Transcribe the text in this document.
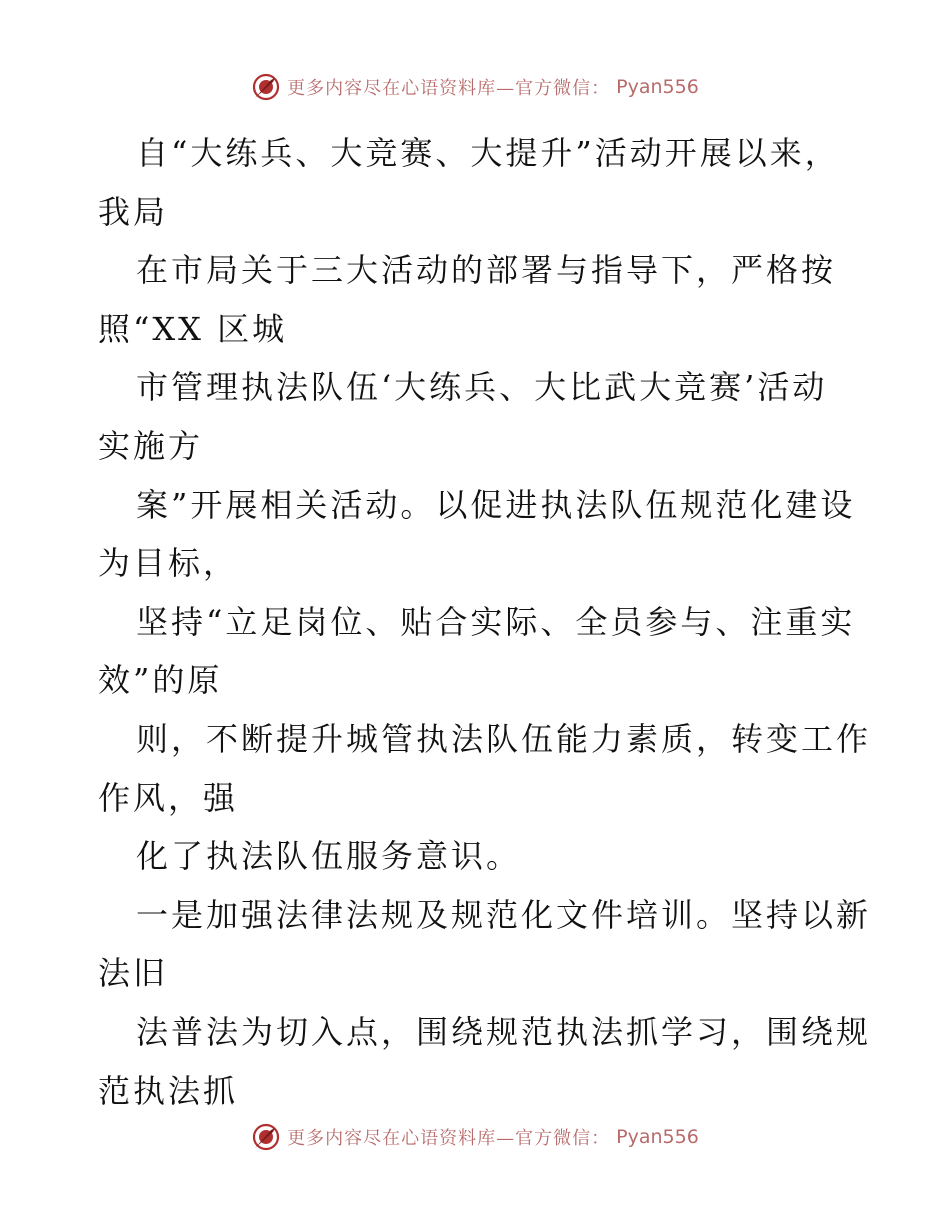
更多内容尽在心语资料库—官方微信： Pyan556
自“大练兵、大竞赛、大提升”活动开展以来，
我局
在市局关于三大活动的部署与指导下，严格按
照“XX 区城
市管理执法队伍‘大练兵、大比武大竞赛’活动
实施方
案”开展相关活动。以促进执法队伍规范化建设
为目标，
坚持“立足岗位、贴合实际、全员参与、注重实
效”的原
则，不断提升城管执法队伍能力素质，转变工作
作风，强
化了执法队伍服务意识。
一是加强法律法规及规范化文件培训。坚持以新
法旧
法普法为切入点，围绕规范执法抓学习，围绕规
范执法抓
更多内容尽在心语资料库—官方微信： Pyan556
